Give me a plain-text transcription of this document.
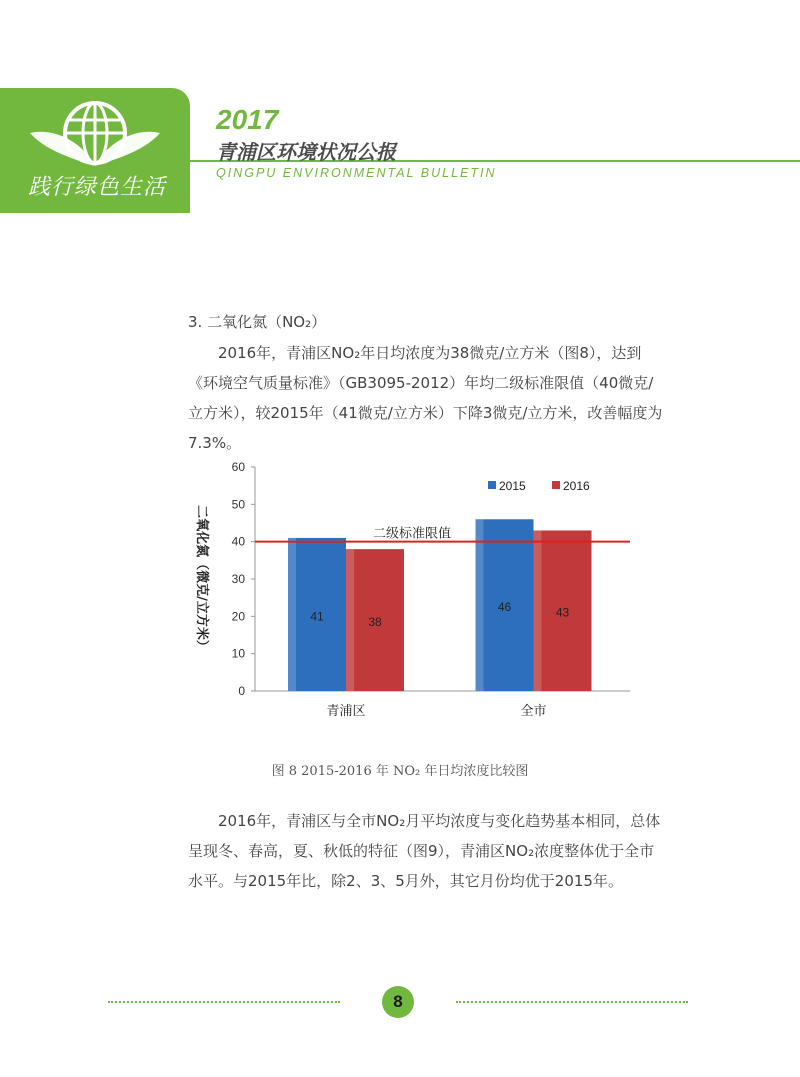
践行绿色生活
2017
青浦区环境状况公报
QINGPU ENVIRONMENTAL BULLETIN
3. 二氧化氮（NO₂）
2016年，青浦区NO₂年日均浓度为38微克/立方米（图8），达到《环境空气质量标准》（GB3095-2012）年均二级标准限值（40微克/立方米），较2015年（41微克/立方米）下降3微克/立方米，改善幅度为7.3%。
0
10
20
30
40
50
60
二氧化氮（微克/立方米）	41	38
青浦区
46	43
全市
二级标准限值
2015	2016
图 8 2015-2016 年 NO₂ 年日均浓度比较图
2016年，青浦区与全市NO₂月平均浓度与变化趋势基本相同，总体呈现冬、春高，夏、秋低的特征（图9），青浦区NO₂浓度整体优于全市水平。与2015年比，除2、3、5月外，其它月份均优于2015年。
8
